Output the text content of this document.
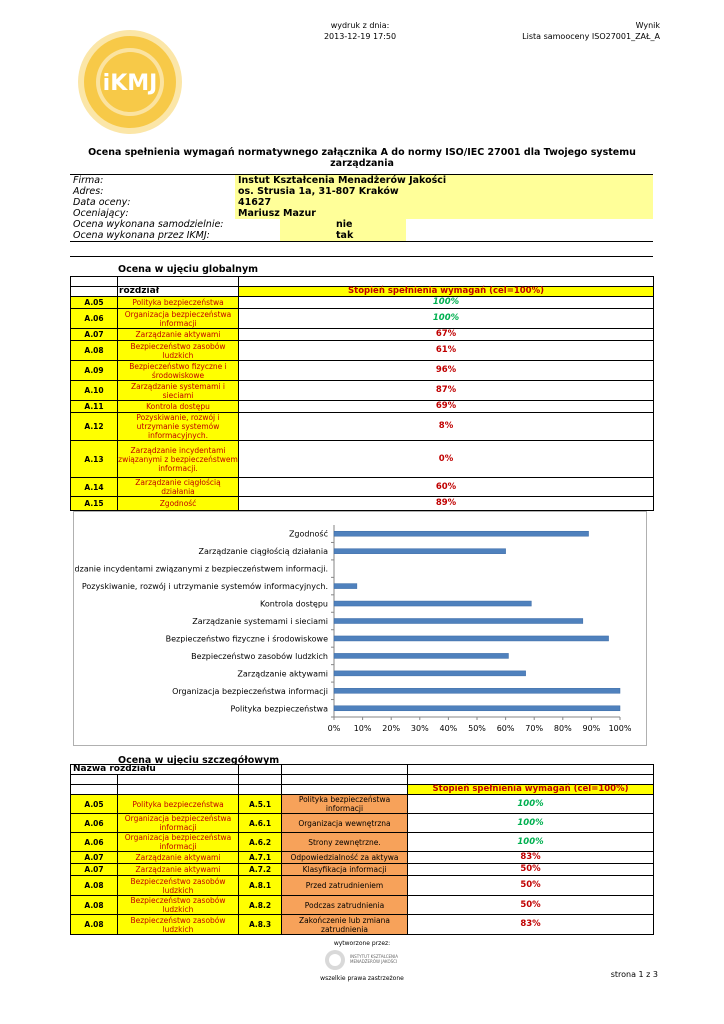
wydruk z dnia:
2013-12-19 17:50
Wynik
Lista samooceny ISO27001_ZAŁ_A
iKMJ
Ocena spełnienia wymagań normatywnego załącznika A do normy ISO/IEC 27001 dla Twojego systemu zarządzania
Firma:	Instut Kształcenia Menadżerów Jakości
Adres:	os. Strusia 1a, 31-807 Kraków
Data oceny:	41627
Oceniający:	Mariusz Mazur
Ocena wykonana samodzielnie:	nie
Ocena wykonana przez IKMJ:	tak
Ocena w ujęciu globalnym

	rozdział	Stopień spełnienia wymagań (cel=100%)
A.05	Polityka bezpieczeństwa	100%
A.06	Organizacja bezpieczeństwa informacji	100%
A.07	Zarządzanie aktywami	67%
A.08	Bezpieczeństwo zasobów ludzkich	61%
A.09	Bezpieczeństwo fizyczne i środowiskowe	96%
A.10	Zarządzanie systemami i sieciami	87%
A.11	Kontrola dostępu	69%
A.12	Pozyskiwanie, rozwój i utrzymanie systemów informacyjnych.	8%
A.13	Zarządzanie incydentami związanymi z bezpieczeństwem informacji.	0%
A.14	Zarządzanie ciągłością działania	60%
A.15	Zgodność	89%
Polityka bezpieczeństwa
Organizacja bezpieczeństwa informacji
Zarządzanie aktywami
Bezpieczeństwo zasobów ludzkich
Bezpieczeństwo fizyczne i środowiskowe
Zarządzanie systemami i sieciami
Kontrola dostępu
Pozyskiwanie, rozwój i utrzymanie systemów informacyjnych.
Zarządzanie incydentami związanymi z bezpieczeństwem informacji.
Zarządzanie ciągłością działania
Zgodność
0% 10% 20% 30% 40% 50% 60% 70% 80% 90% 100%
Ocena w ujęciu szczegółowym
Nazwa rozdziału				

				Stopień spełnienia wymagań (cel=100%)
A.05	Polityka bezpieczeństwa	A.5.1	Polityka bezpieczeństwa informacji	100%
A.06	Organizacja bezpieczeństwa informacji	A.6.1	Organizacja wewnętrzna	100%
A.06	Organizacja bezpieczeństwa informacji	A.6.2	Strony zewnętrzne.	100%
A.07	Zarządzanie aktywami	A.7.1	Odpowiedzialność za aktywa	83%
A.07	Zarządzanie aktywami	A.7.2	Klasyfikacja informacji	50%
A.08	Bezpieczeństwo zasobów ludzkich	A.8.1	Przed zatrudnieniem	50%
A.08	Bezpieczeństwo zasobów ludzkich	A.8.2	Podczas zatrudnienia	50%
A.08	Bezpieczeństwo zasobów ludzkich	A.8.3	Zakończenie lub zmiana zatrudnienia	83%
wytworzone przez:
INSTYTUT KSZTAŁCENIA MENADŻERÓW JAKOŚCI
wszelkie prawa zastrzeżone	strona 1 z 3
